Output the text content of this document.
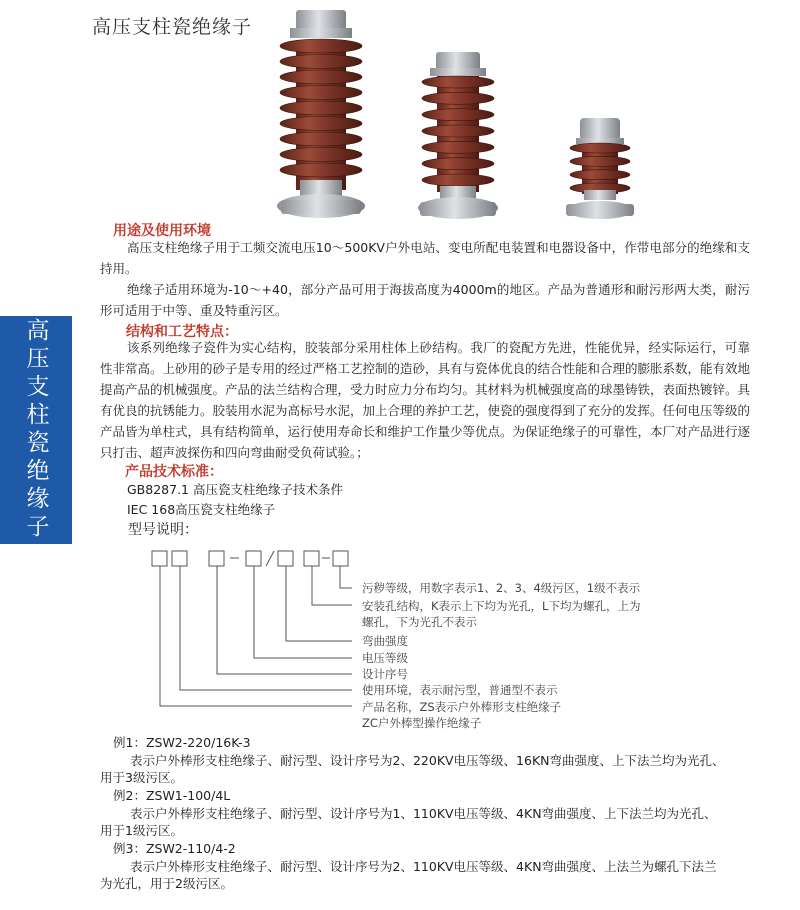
高压支柱瓷绝缘子
高压支柱瓷绝缘子
用途及使用环境
高压支柱绝缘子用于工频交流电压10～500KV户外电站、变电所配电装置和电器设备中，作带电部分的绝缘和支持用。
绝缘子适用环境为-10～+40，部分产品可用于海拔高度为4000m的地区。产品为普通形和耐污形两大类，耐污形可适用于中等、重及特重污区。
结构和工艺特点：
该系列绝缘子瓷件为实心结构，胶装部分采用柱体上砂结构。我厂的瓷配方先进，性能优异，经实际运行，可靠性非常高。上砂用的砂子是专用的经过严格工艺控制的造砂，具有与瓷体优良的结合性能和合理的膨胀系数，能有效地提高产品的机械强度。产品的法兰结构合理，受力时应力分布均匀。其材料为机械强度高的球墨铸铁，表面热镀锌。具有优良的抗锈能力。胶装用水泥为高标号水泥，加上合理的养护工艺，使瓷的强度得到了充分的发挥。任何电压等级的产品皆为单柱式，具有结构简单，运行使用寿命长和维护工作量少等优点。为保证绝缘子的可靠性，本厂对产品进行逐只打击、超声波探伤和四向弯曲耐受负荷试验。；
产品技术标准：
GB8287.1 高压瓷支柱绝缘子技术条件
IEC 168高压瓷支柱绝缘子
型号说明：
污秽等级，用数字表示1、2、3、4级污区，1级不表示
安装孔结构，K表示上下均为光孔，L下均为螺孔，上为
螺孔，下为光孔不表示
弯曲强度
电压等级
设计序号
使用环境，表示耐污型，普通型不表示
产品名称，ZS表示户外棒形支柱绝缘子
ZC户外棒型操作绝缘子
例1：ZSW2-220/16K-3
表示户外棒形支柱绝缘子、耐污型、设计序号为2、220KV电压等级、16KN弯曲强度、上下法兰均为光孔、
用于3级污区。
例2：ZSW1-100/4L
表示户外棒形支柱绝缘子、耐污型、设计序号为1、110KV电压等级、4KN弯曲强度、上下法兰均为光孔、
用于1级污区。
例3：ZSW2-110/4-2
表示户外棒形支柱绝缘子、耐污型、设计序号为2、110KV电压等级、4KN弯曲强度、上法兰为螺孔下法兰
为光孔，用于2级污区。
